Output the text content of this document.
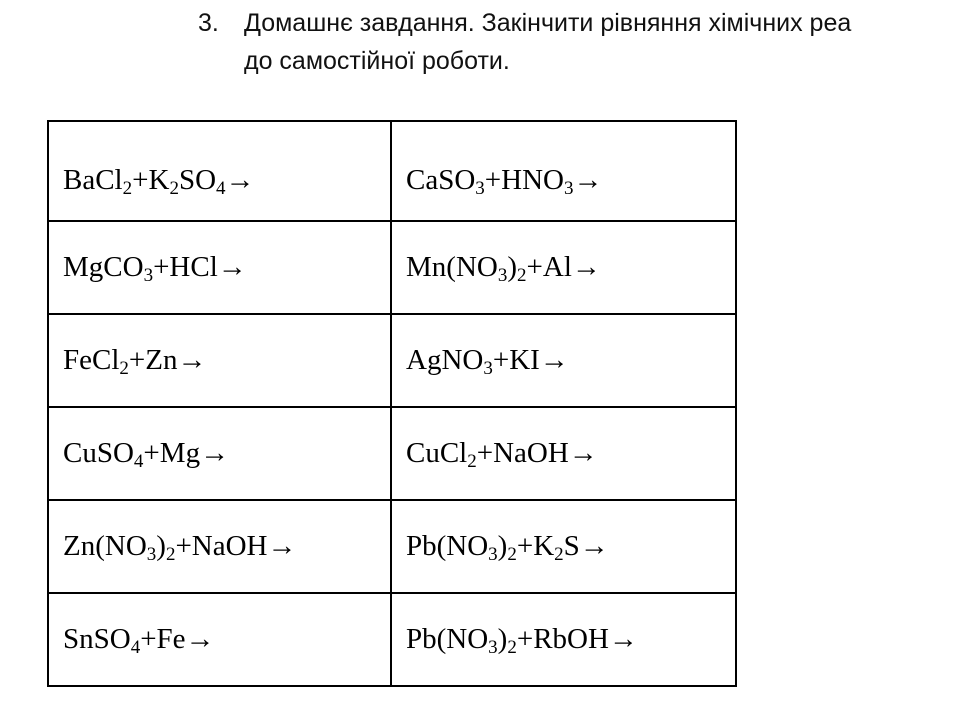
3. Домашнє завдання. Закінчити рівняння хімічних реа
до самостійної роботи.
$BaCl_2+K_2SO_4\to$	$CaSO_3+HNO_3\to$
MgCO$_3$+HCl→	$Mn(NO_3)_2+Al\to$
FeCl$_2$+Zn→	AgNO$_3$+KI→
CuSO$_4$+Mg→	CuCl$_2$+NaOH→
$Zn(NO_3)_2+NaOH\to$	$Pb(NO_3)_2+K_2S\to$
SnSO$_4$+Fe→	$Pb(NO_3)_2+RbOH\to$
